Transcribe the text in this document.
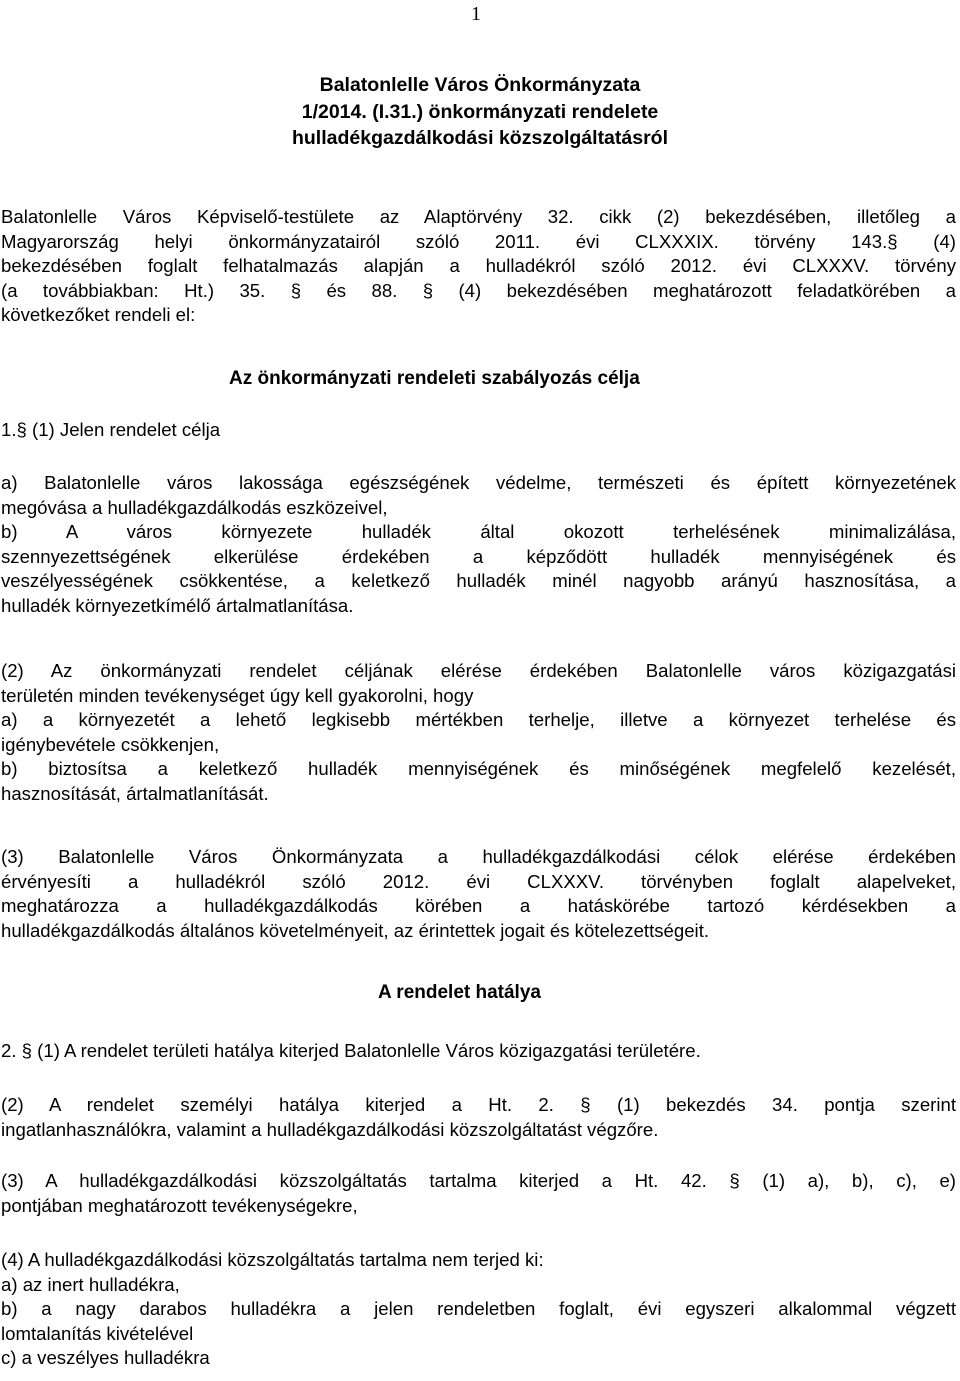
1
Balatonlelle Város Önkormányzata
1/2014. (I.31.) önkormányzati rendelete
hulladékgazdálkodási közszolgáltatásról
Balatonlelle Város Képviselő-testülete az Alaptörvény 32. cikk (2) bekezdésében, illetőleg a
Magyarország helyi önkormányzatairól szóló 2011. évi CLXXXIX. törvény 143.§ (4)
bekezdésében foglalt felhatalmazás alapján a hulladékról szóló 2012. évi CLXXXV. törvény
(a továbbiakban: Ht.) 35. § és 88. § (4) bekezdésében meghatározott feladatkörében a
következőket rendeli el:
Az önkormányzati rendeleti szabályozás célja
1.§ (1) Jelen rendelet célja
a) Balatonlelle város lakossága egészségének védelme, természeti és épített környezetének
megóvása a hulladékgazdálkodás eszközeivel,
b) A város környezete hulladék által okozott terhelésének minimalizálása,
szennyezettségének elkerülése érdekében a képződött hulladék mennyiségének és
veszélyességének csökkentése, a keletkező hulladék minél nagyobb arányú hasznosítása, a
hulladék környezetkímélő ártalmatlanítása.
(2) Az önkormányzati rendelet céljának elérése érdekében Balatonlelle város közigazgatási
területén minden tevékenységet úgy kell gyakorolni, hogy
a) a környezetét a lehető legkisebb mértékben terhelje, illetve a környezet terhelése és
igénybevétele csökkenjen,
b) biztosítsa a keletkező hulladék mennyiségének és minőségének megfelelő kezelését,
hasznosítását, ártalmatlanítását.
(3) Balatonlelle Város Önkormányzata a hulladékgazdálkodási célok elérése érdekében
érvényesíti a hulladékról szóló 2012. évi CLXXXV. törvényben foglalt alapelveket,
meghatározza a hulladékgazdálkodás körében a hatáskörébe tartozó kérdésekben a
hulladékgazdálkodás általános követelményeit, az érintettek jogait és kötelezettségeit.
A rendelet hatálya
2. § (1) A rendelet területi hatálya kiterjed Balatonlelle Város közigazgatási területére.
(2) A rendelet személyi hatálya kiterjed a Ht. 2. § (1) bekezdés 34. pontja szerint
ingatlanhasználókra, valamint a hulladékgazdálkodási közszolgáltatást végzőre.
(3) A hulladékgazdálkodási közszolgáltatás tartalma kiterjed a Ht. 42. § (1) a), b), c), e)
pontjában meghatározott tevékenységekre,
(4) A hulladékgazdálkodási közszolgáltatás tartalma nem terjed ki:
a) az inert hulladékra,
b) a nagy darabos hulladékra a jelen rendeletben foglalt, évi egyszeri alkalommal végzett
lomtalanítás kivételével
c) a veszélyes hulladékra
